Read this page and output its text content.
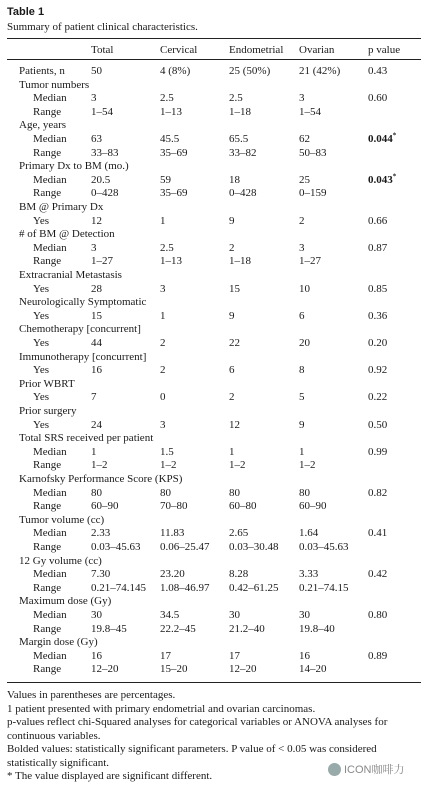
Table 1
Summary of patient clinical characteristics.
Total	Cervical	Endometrial Ovarian	p value
Patients, n 50	4 (8%)	25 (50%)	21 (42%)	0.43
Tumor numbers
Median 3	2.5	2.5	3	0.60
Range	1–54	1–13	1–18	1–54
Age, years
Median 63	45.5	65.5	62	0.044*
Range	33–83	35–69	33–82	50–83
Primary Dx to BM (mo.)
Median 20.5	59	18	25	0.043*
Range	0–428	35–69	0–428	0–159
BM @ Primary Dx
Yes	12	1	9	2	0.66
# of BM @ Detection
Median 3	2.5	2	3	0.87
Range	1–27	1–13	1–18	1–27
Extracranial Metastasis
Yes	28	3	15	10	0.85
Neurologically Symptomatic
Yes	15	1	9	6	0.36
Chemotherapy [concurrent]
Yes	44	2	22	20	0.20
Immunotherapy [concurrent]
Yes	16	2	6	8	0.92
Prior WBRT
Yes	7	0	2	5	0.22
Prior surgery
Yes	24	3	12	9	0.50
Total SRS received per patient
Median 1	1.5	1	1	0.99
Range	1–2	1–2	1–2	1–2
Karnofsky Performance Score (KPS)
Median 80	80	80	80	0.82
Range	60–90	70–80	60–80	60–90
Tumor volume (cc)
Median 2.33	11.83	2.65	1.64	0.41
Range	0.03–45.63 0.06–25.47 0.03–30.48 0.03–45.63
12 Gy volume (cc)
Median 7.30	23.20	8.28	3.33	0.42
Range	0.21–74.145 1.08–46.97 0.42–61.25 0.21–74.15
Maximum dose (Gy)
Median 30	34.5	30	30	0.80
Range	19.8–45	22.2–45	21.2–40	19.8–40
Margin dose (Gy)
Median 16	17	17	16	0.89
Range	12–20	15–20	12–20	14–20
Values in parentheses are percentages.
1 patient presented with primary endometrial and ovarian carcinomas.
p-values reflect chi-Squared analyses for categorical variables or ANOVA analyses for
continuous variables.
Bolded values: statistically significant parameters. P value of < 0.05 was considered
statistically significant.
* The value displayed are significant different.	ICON咖啡力
